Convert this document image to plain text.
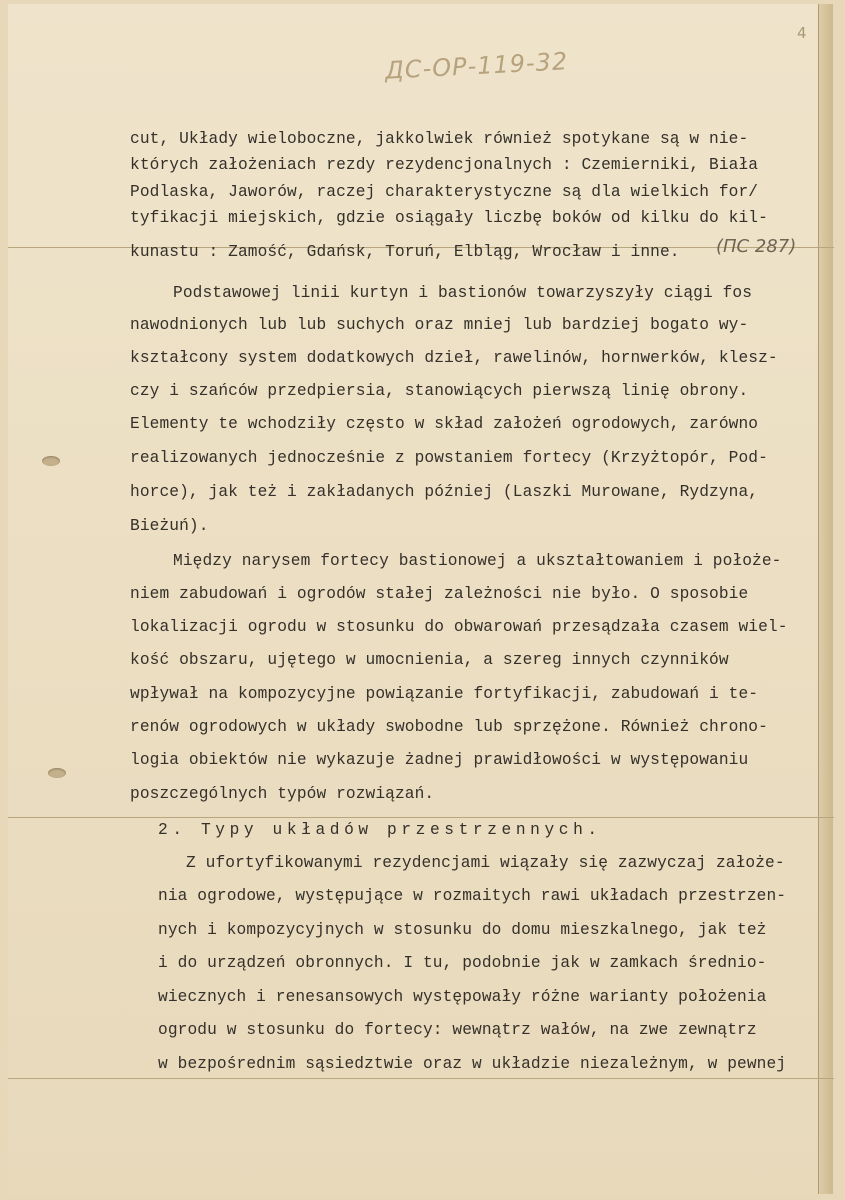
ДС-ОР-119-32

4

cut, Układy wieloboczne, jakkolwiek również spotykane są w nie-

których założeniach rezdy rezydencjonalnych : Czemierniki, Biała

Podlaska, Jaworów, raczej charakterystyczne są dla wielkich for/

tyfikacji miejskich, gdzie osiągały liczbę boków od kilku do kil-

kunastu : Zamość, Gdańsk, Toruń, Elbląg, Wrocław i inne. (ПС 287)

Podstawowej linii kurtyn i bastionów towarzyszyły ciągi fos

nawodnionych lub lub suchych oraz mniej lub bardziej bogato wy-

kształcony system dodatkowych dzieł, rawelinów, hornwerków, klesz-

czy i szańców przedpiersia, stanowiących pierwszą linię obrony.

Elementy te wchodziły często w skład założeń ogrodowych, zarówno

realizowanych jednocześnie z powstaniem fortecy (Krzyżtopór, Pod-

horce), jak też i zakładanych później (Laszki Murowane, Rydzyna,

Bieżuń).

Między narysem fortecy bastionowej a ukształtowaniem i położe-

niem zabudowań i ogrodów stałej zależności nie było. O sposobie

lokalizacji ogrodu w stosunku do obwarowań przesądzała czasem wiel-

kość obszaru, ujętego w umocnienia, a szereg innych czynników

wpływał na kompozycyjne powiązanie fortyfikacji, zabudowań i te-

renów ogrodowych w układy swobodne lub sprzężone. Również chrono-

logia obiektów nie wykazuje żadnej prawidłowości w występowaniu

poszczególnych typów rozwiązań.

2. Typy układów przestrzennych.

Z ufortyfikowanymi rezydencjami wiązały się zazwyczaj założe-

nia ogrodowe, występujące w rozmaitych rawi układach przestrzen-

nych i kompozycyjnych w stosunku do domu mieszkalnego, jak też

i do urządzeń obronnych. I tu, podobnie jak w zamkach średnio-

wiecznych i renesansowych występowały różne warianty położenia

ogrodu w stosunku do fortecy: wewnątrz wałów, na zwe zewnątrz

w bezpośrednim sąsiedztwie oraz w układzie niezależnym, w pewnej
